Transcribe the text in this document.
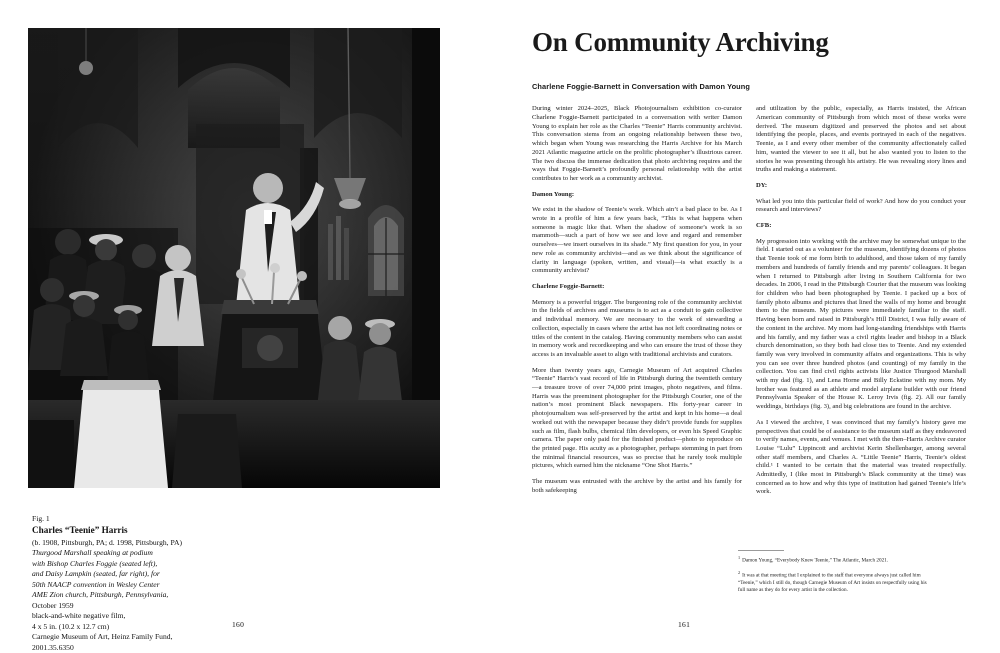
Fig. 1
Charles “Teenie” Harris
(b. 1908, Pittsburgh, PA; d. 1998, Pittsburgh, PA)
Thurgood Marshall speaking at podium
with Bishop Charles Foggie (seated left),
and Daisy Lampkin (seated, far right), for
50th NAACP convention in Wesley Center
AME Zion church, Pittsburgh, Pennsylvania,
October 1959
black-and-white negative film,
4 x 5 in. (10.2 x 12.7 cm)
Carnegie Museum of Art, Heinz Family Fund,
2001.35.6350
160
On Community Archiving
Charlene Foggie-Barnett in Conversation with Damon Young

During winter 2024–2025, Black Photojournalism exhibition co-curator Charlene Foggie-Barnett participated in a conversation with writer Damon Young to explain her role as the Charles “Teenie” Harris community archivist. This conversation stems from an ongoing relationship between these two, which began when Young was researching the Harris Archive for his March 2021 Atlantic magazine article on the prolific photographer’s illustrious career. The two discuss the immense dedication that photo archiving requires and the ways that Foggie-Barnett’s profoundly personal relationship with the artist contributes to her work as a community archivist.

Damon Young:

We exist in the shadow of Teenie’s work. Which ain’t a bad place to be. As I wrote in a profile of him a few years back, “This is what happens when someone is magic like that. When the shadow of someone’s work is so mammoth—such a part of how we see and love and regard and remember ourselves—we insert ourselves in its shade.” My first question for you, in your new role as community archivist—and as we think about the significance of clarity in language (spoken, written, and visual)—is what exactly is a community archivist?

Charlene Foggie-Barnett:

Memory is a powerful trigger. The burgeoning role of the community archivist in the fields of archives and museums is to act as a conduit to gain collective and individual memory. We are necessary to the work of stewarding a collection, especially in cases where the artist has not left coordinating notes or titles of the content in the catalog. Having community members who can assist in memory work and recordkeeping and who can ensure the trust of those they access is an invaluable asset to align with traditional archivists and curators.

More than twenty years ago, Carnegie Museum of Art acquired Charles “Teenie” Harris’s vast record of life in Pittsburgh during the twentieth century—a treasure trove of over 74,000 print images, photo negatives, and films. Harris was the preeminent photographer for the Pittsburgh Courier, one of the nation’s most prominent Black newspapers. His forty-year career in photojournalism was self-preserved by the artist and kept in his home—a deal worked out with the newspaper because they didn’t provide funds for supplies such as film, flash bulbs, chemical film developers, or even his Speed Graphic camera. The paper only paid for the finished product—photo to reproduce on the printed page. His acuity as a photographer, perhaps stemming in part from the minimal financial resources, was so precise that he rarely took multiple pictures, which earned him the nickname “One Shot Harris.”

The museum was entrusted with the archive by the artist and his family for both safekeeping

and utilization by the public, especially, as Harris insisted, the African American community of Pittsburgh from which most of these works were derived. The museum digitized and preserved the photos and set about identifying the people, places, and events portrayed in each of the negatives. Teenie, as I and every other member of the community affectionately called him, wanted the viewer to see it all, but he also wanted you to listen to the stories he was presenting through his artistry. He was revealing story lines and truths and making a statement.

DY:

What led you into this particular field of work? And how do you conduct your research and interviews?

CFB:

My progression into working with the archive may be somewhat unique to the field. I started out as a volunteer for the museum, identifying dozens of photos that Teenie took of me form birth to adulthood, and those taken of my family members and hundreds of family friends and my parents’ colleagues. It began when I returned to Pittsburgh after living in Southern California for two decades. In 2006, I read in the Pittsburgh Courier that the museum was looking for children who had been photographed by Teenie. I packed up a box of family photo albums and pictures that lined the walls of my home and brought them to the museum. My pictures were immediately familiar to the staff. Having been born and raised in Pittsburgh’s Hill District, I was fully aware of the content in the archive. My mom had long-standing friendships with Harris and his family, and my father was a civil rights leader and bishop in a Black church denomination, so they both had close ties to Teenie. And my extended family was very involved in community affairs and organizations. This is why you can see over three hundred photos (and counting) of my family in the collection. You can find civil rights activists like Justice Thurgood Marshall with my dad (fig. 1), and Lena Horne and Billy Eckstine with my mom. My brother was featured as an athlete and model airplane builder with our friend Pennsylvania Speaker of the House K. Leroy Irvis (fig. 2). All our family weddings, birthdays (fig. 3), and big celebrations are found in the archive.

As I viewed the archive, I was convinced that my family’s history gave me perspectives that could be of assistance to the museum staff as they endeavored to verify names, events, and venues. I met with the then–Harris Archive curator Louise “Lulu” Lippincott and archivist Kerin Shellenbarger, among several other staff members, and Charles A. “Little Teenie” Harris, Teenie’s oldest child.¹ I wanted to be certain that the material was treated respectfully. Admittedly, I (like most in Pittsburgh’s Black community at the time) was concerned as to how and why this type of institution had gained Teenie’s life’s work.

$^1$Damon Young, “Everybody Knew Teenie,” The Atlantic, March 2021.

$^2$It was at that meeting that I explained to the staff that everyone always just called him “Teenie,” which I still do, though Carnegie Museum of Art insists on respectfully using his full name as they do for every artist in the collection.

161
